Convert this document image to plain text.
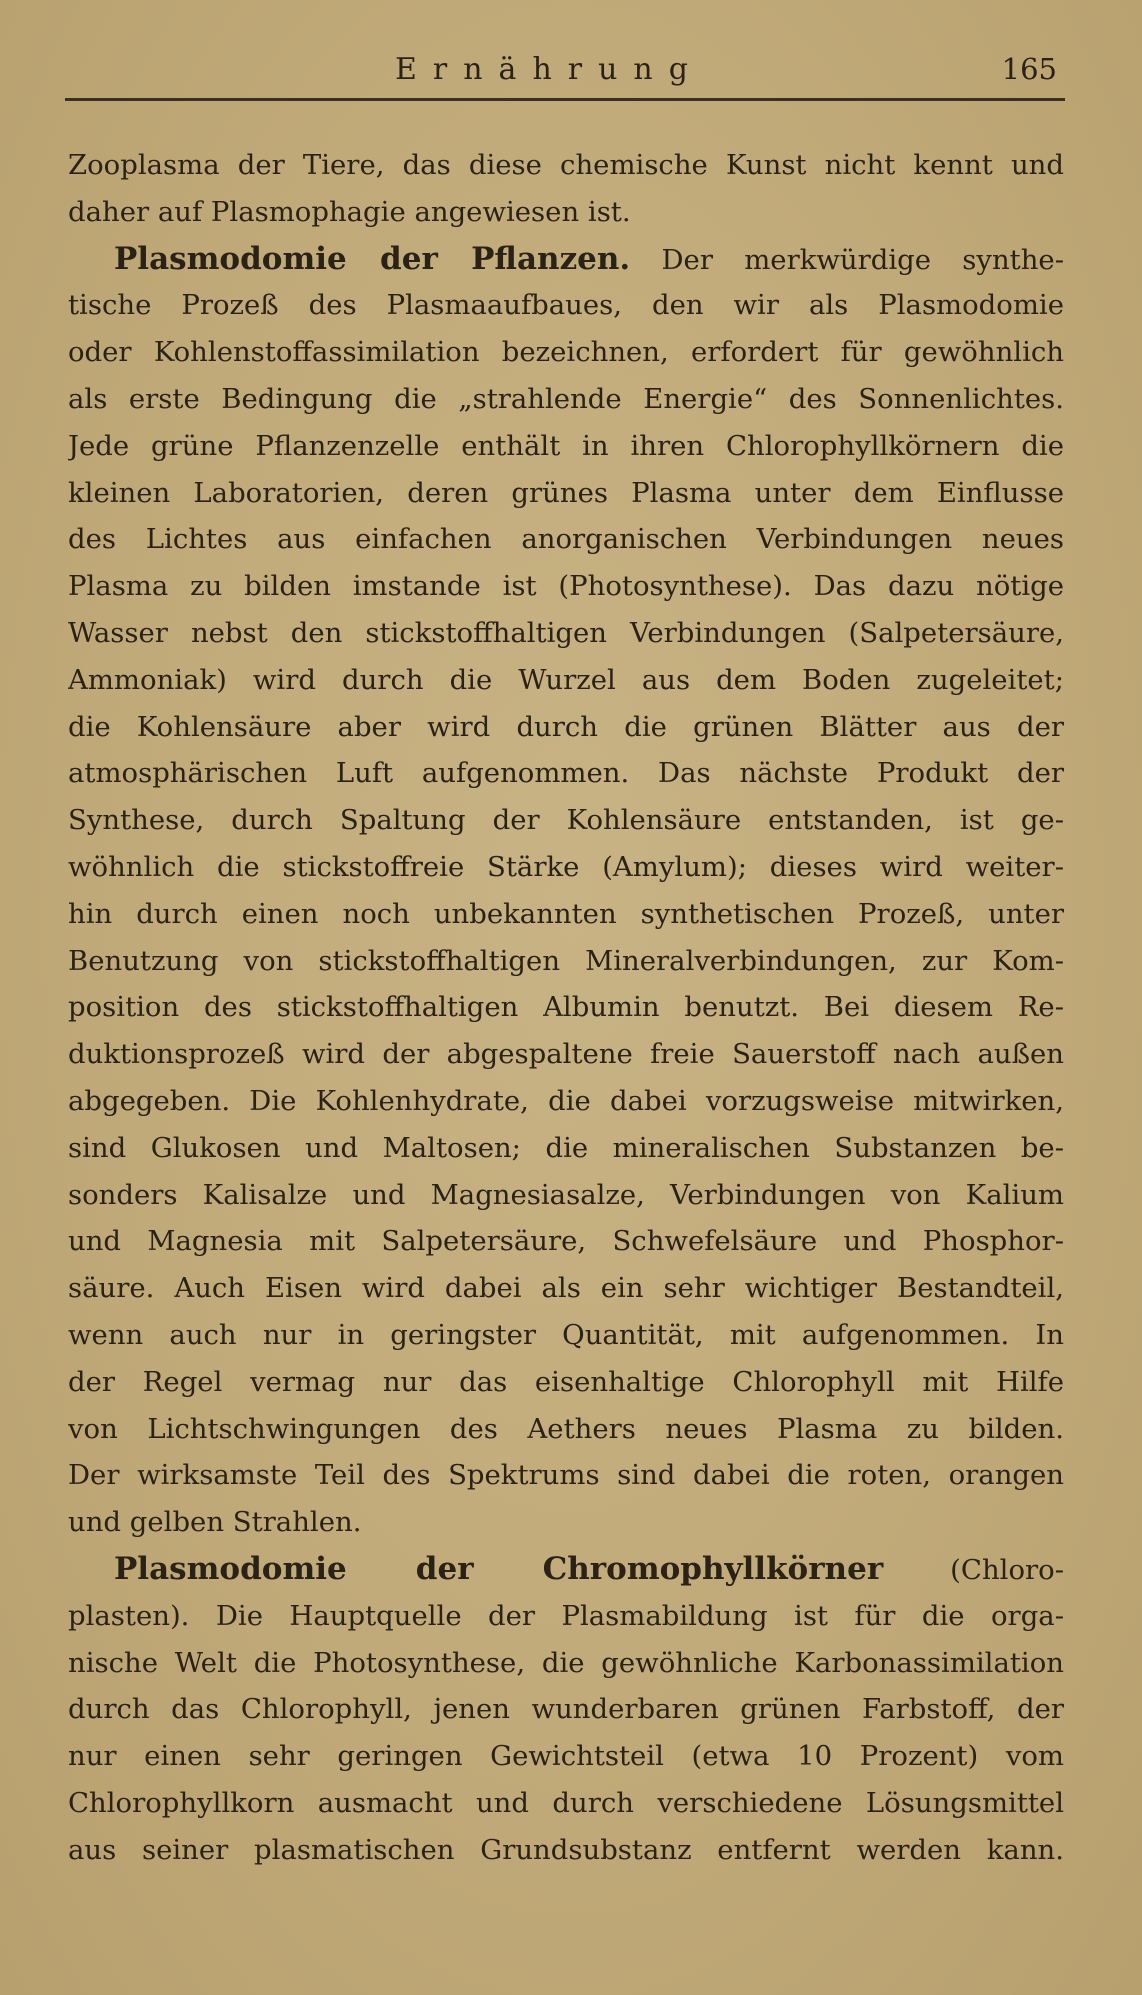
Ernährung	165
Zooplasma der Tiere, das diese chemische Kunst nicht kennt und
daher auf Plasmophagie angewiesen ist.
Plasmodomie der Pflanzen. Der merkwürdige synthe-
tische Prozeß des Plasmaaufbaues, den wir als Plasmodomie
oder Kohlenstoffassimilation bezeichnen, erfordert für gewöhnlich
als erste Bedingung die „strahlende Energie“ des Sonnenlichtes.
Jede grüne Pflanzenzelle enthält in ihren Chlorophyllkörnern die
kleinen Laboratorien, deren grünes Plasma unter dem Einflusse
des Lichtes aus einfachen anorganischen Verbindungen neues
Plasma zu bilden imstande ist (Photosynthese). Das dazu nötige
Wasser nebst den stickstoffhaltigen Verbindungen (Salpetersäure,
Ammoniak) wird durch die Wurzel aus dem Boden zugeleitet;
die Kohlensäure aber wird durch die grünen Blätter aus der
atmosphärischen Luft aufgenommen. Das nächste Produkt der
Synthese, durch Spaltung der Kohlensäure entstanden, ist ge-
wöhnlich die stickstoffreie Stärke (Amylum); dieses wird weiter-
hin durch einen noch unbekannten synthetischen Prozeß, unter
Benutzung von stickstoffhaltigen Mineralverbindungen, zur Kom-
position des stickstoffhaltigen Albumin benutzt. Bei diesem Re-
duktionsprozeß wird der abgespaltene freie Sauerstoff nach außen
abgegeben. Die Kohlenhydrate, die dabei vorzugsweise mitwirken,
sind Glukosen und Maltosen; die mineralischen Substanzen be-
sonders Kalisalze und Magnesiasalze, Verbindungen von Kalium
und Magnesia mit Salpetersäure, Schwefelsäure und Phosphor-
säure. Auch Eisen wird dabei als ein sehr wichtiger Bestandteil,
wenn auch nur in geringster Quantität, mit aufgenommen. In
der Regel vermag nur das eisenhaltige Chlorophyll mit Hilfe
von Lichtschwingungen des Aethers neues Plasma zu bilden.
Der wirksamste Teil des Spektrums sind dabei die roten, orangen
und gelben Strahlen.
Plasmodomie der Chromophyllkörner (Chloro-
plasten). Die Hauptquelle der Plasmabildung ist für die orga-
nische Welt die Photosynthese, die gewöhnliche Karbonassimilation
durch das Chlorophyll, jenen wunderbaren grünen Farbstoff, der
nur einen sehr geringen Gewichtsteil (etwa 10 Prozent) vom
Chlorophyllkorn ausmacht und durch verschiedene Lösungsmittel
aus seiner plasmatischen Grundsubstanz entfernt werden kann.
